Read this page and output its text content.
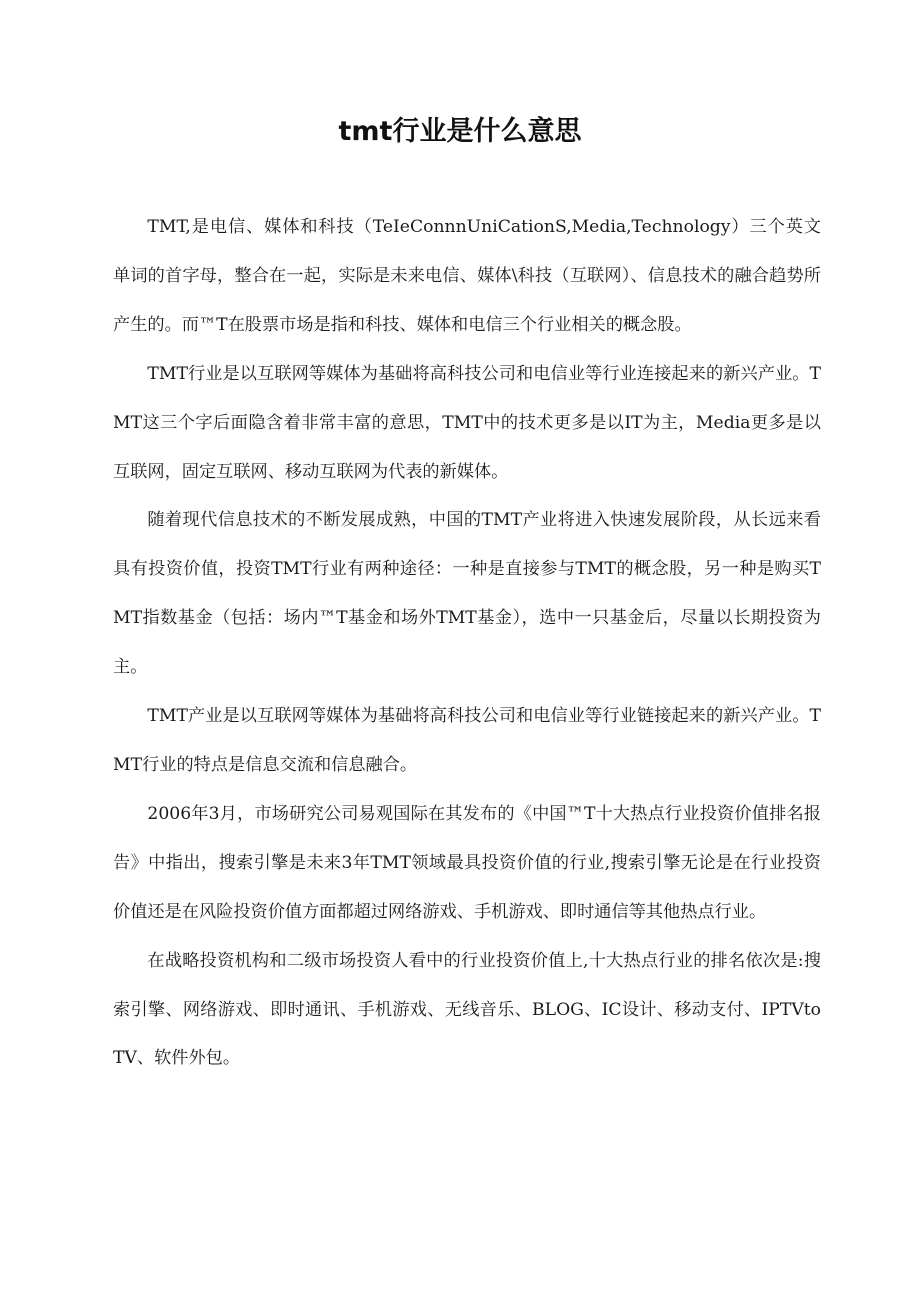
tmt行业是什么意思

TMT,是电信、媒体和科技（TeIeConnnUniCationS,Media,Technology）三个英文单词的首字母，整合在一起，实际是未来电信、媒体\科技（互联网）、信息技术的融合趋势所产生的。而™T在股票市场是指和科技、媒体和电信三个行业相关的概念股。

TMT行业是以互联网等媒体为基础将高科技公司和电信业等行业连接起来的新兴产业。TMT这三个字后面隐含着非常丰富的意思，TMT中的技术更多是以IT为主，Media更多是以互联网，固定互联网、移动互联网为代表的新媒体。

随着现代信息技术的不断发展成熟，中国的TMT产业将进入快速发展阶段，从长远来看具有投资价值，投资TMT行业有两种途径：一种是直接参与TMT的概念股，另一种是购买TMT指数基金（包括：场内™T基金和场外TMT基金），选中一只基金后，尽量以长期投资为主。

TMT产业是以互联网等媒体为基础将高科技公司和电信业等行业链接起来的新兴产业。TMT行业的特点是信息交流和信息融合。

2006年3月，市场研究公司易观国际在其发布的《中国™T十大热点行业投资价值排名报告》中指出，搜索引擎是未来3年TMT领域最具投资价值的行业,搜索引擎无论是在行业投资价值还是在风险投资价值方面都超过网络游戏、手机游戏、即时通信等其他热点行业。

在战略投资机构和二级市场投资人看中的行业投资价值上,十大热点行业的排名依次是:搜索引擎、网络游戏、即时通讯、手机游戏、无线音乐、BLOG、IC设计、移动支付、IPTVtoTV、软件外包。
